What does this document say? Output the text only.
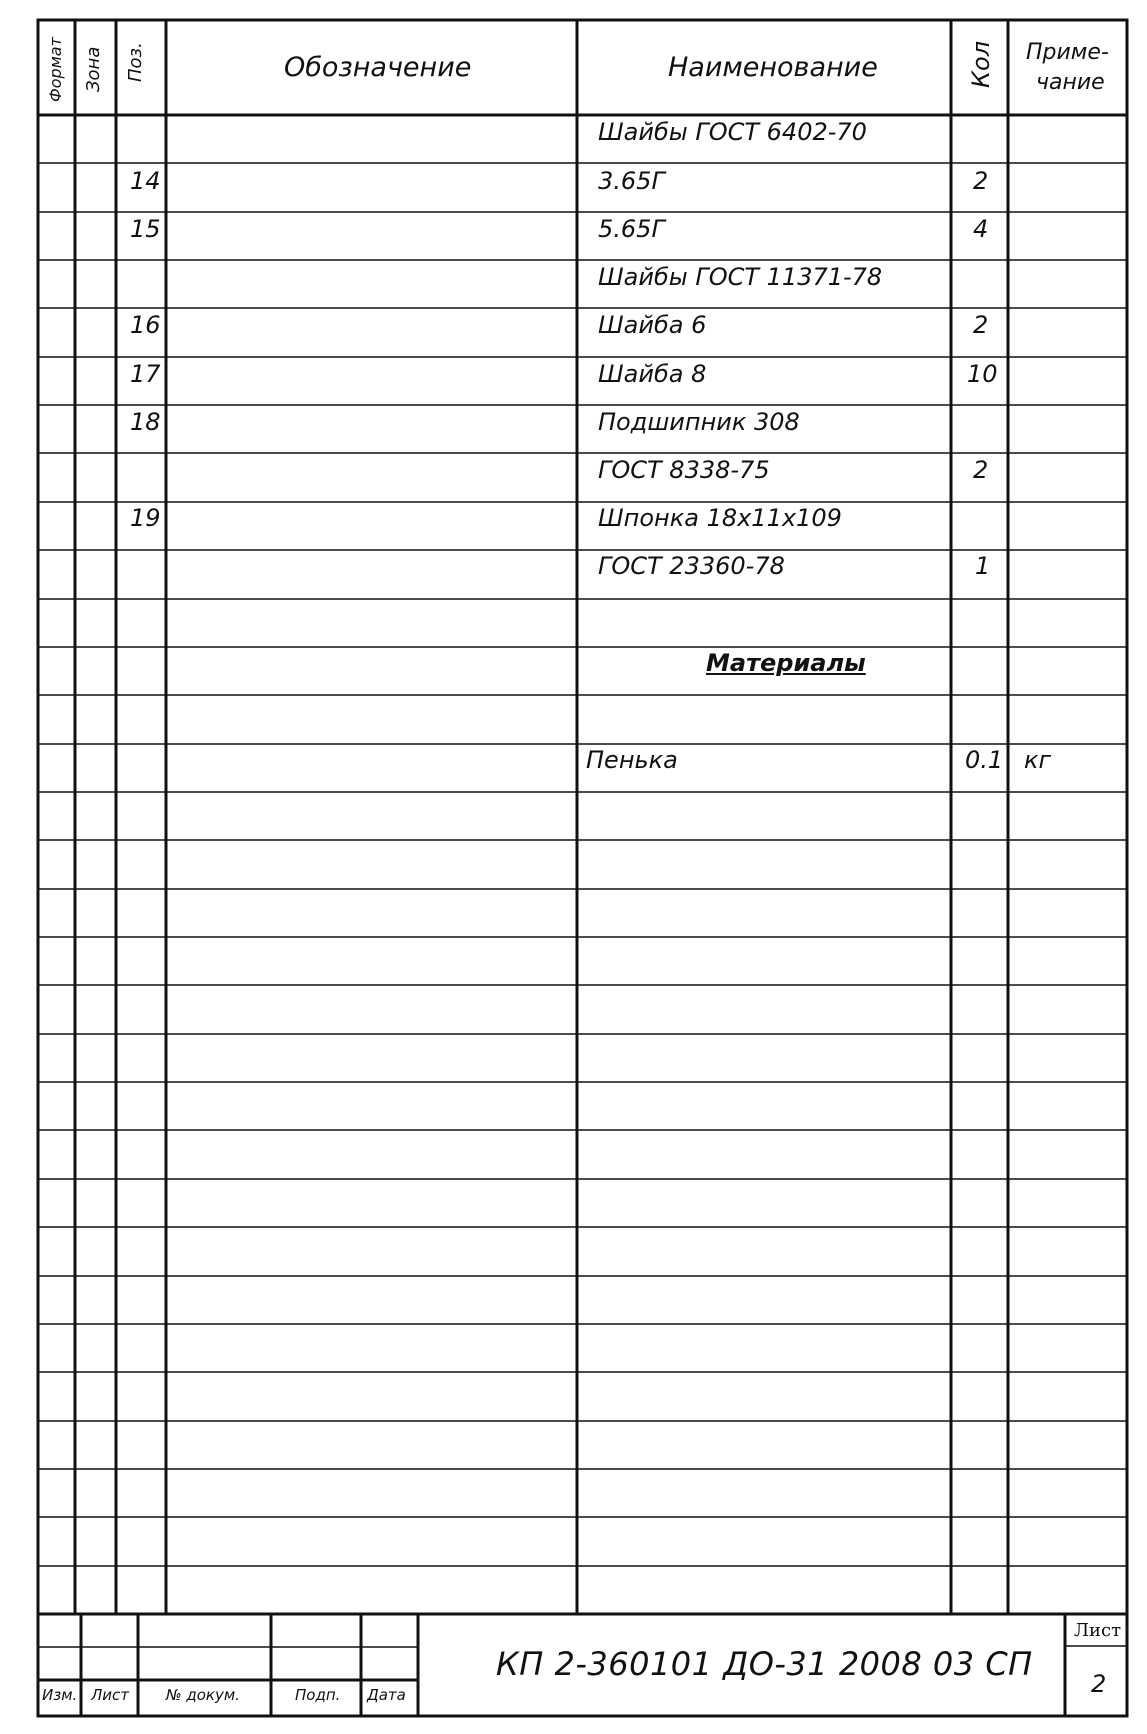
Формат Зона Поз.	Обозначение	Наименование	Кол Приме-
чание
Шайбы ГОСТ 6402-70
14	3.65Г	2
15	5.65Г	4
Шайбы ГОСТ 11371-78
16	Шайба 6	2
17	Шайба 8	10
18	Подшипник 308
ГОСТ 8338-75	2
19	Шпонка 18х11х109
ГОСТ 23360-78	1
Материалы
Пенька	0.1 кг
Изм. Лист № докум.	Подп. Дата
КП 2-360101 ДО-31 2008 03 СП
Лист
2
